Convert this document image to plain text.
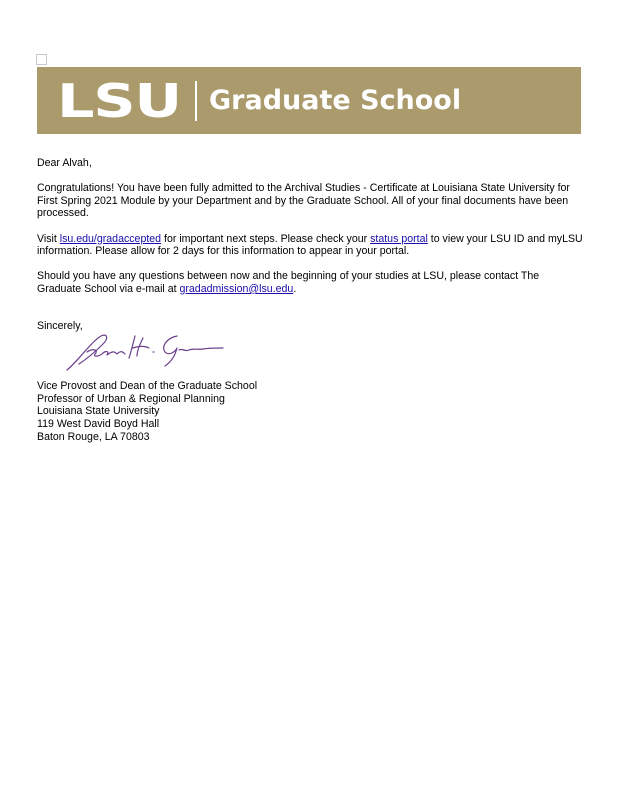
LSU	Graduate School

Dear Alvah,

Congratulations! You have been fully admitted to the Archival Studies - Certificate at Louisiana State University for First Spring 2021 Module by your Department and by the Graduate School. All of your final documents have been processed.

Visit lsu.edu/gradaccepted for important next steps. Please check your status portal to view your LSU ID and myLSU information. Please allow for 2 days for this information to appear in your portal.

Should you have any questions between now and the beginning of your studies at LSU, please contact The Graduate School via e-mail at gradadmission@lsu.edu.

Sincerely,

Vice Provost and Dean of the Graduate School

Professor of Urban & Regional Planning

Louisiana State University

119 West David Boyd Hall

Baton Rouge, LA 70803
